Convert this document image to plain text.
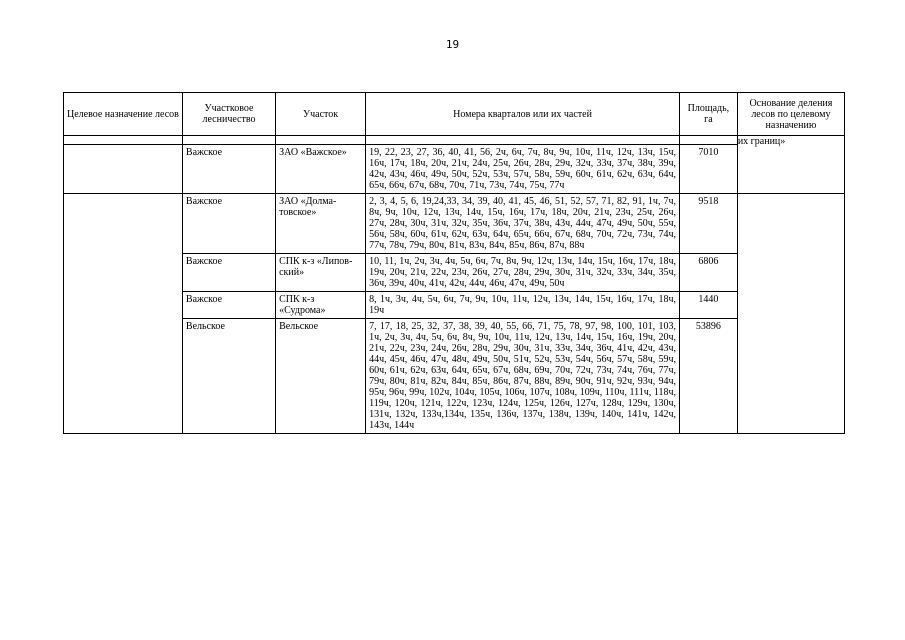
19
Целевое назначение лесов	Участковое лесничество	Участок	Номера кварталов или их частей	Площадь, га	Основание деления лесов по целевому назначению
					их границ»
	Важское	ЗАО «Важское»	19, 22, 23, 27, 36, 40, 41, 56, 2ч, 6ч, 7ч, 8ч, 9ч, 10ч, 11ч, 12ч, 13ч, 15ч, 16ч, 17ч, 18ч, 20ч, 21ч, 24ч, 25ч, 26ч, 28ч, 29ч, 32ч, 33ч, 37ч, 38ч, 39ч, 42ч, 43ч, 46ч, 49ч, 50ч, 52ч, 53ч, 57ч, 58ч, 59ч, 60ч, 61ч, 62ч, 63ч, 64ч, 65ч, 66ч, 67ч, 68ч, 70ч, 71ч, 73ч, 74ч, 75ч, 77ч	7010	
	Важское	ЗАО «Долма-товское»	2, 3, 4, 5, 6, 19,24,33, 34, 39, 40, 41, 45, 46, 51, 52, 57, 71, 82, 91, 1ч, 7ч, 8ч, 9ч, 10ч, 12ч, 13ч, 14ч, 15ч, 16ч, 17ч, 18ч, 20ч, 21ч, 23ч, 25ч, 26ч, 27ч, 28ч, 30ч, 31ч, 32ч, 35ч, 36ч, 37ч, 38ч, 43ч, 44ч, 47ч, 49ч, 50ч, 55ч, 56ч, 58ч, 60ч, 61ч, 62ч, 63ч, 64ч, 65ч, 66ч, 67ч, 68ч, 70ч, 72ч, 73ч, 74ч, 77ч, 78ч, 79ч, 80ч, 81ч, 83ч, 84ч, 85ч, 86ч, 87ч, 88ч	9518	
	Важское	СПК к-з «Липов-ский»	10, 11, 1ч, 2ч, 3ч, 4ч, 5ч, 6ч, 7ч, 8ч, 9ч, 12ч, 13ч, 14ч, 15ч, 16ч, 17ч, 18ч, 19ч, 20ч, 21ч, 22ч, 23ч, 26ч, 27ч, 28ч, 29ч, 30ч, 31ч, 32ч, 33ч, 34ч, 35ч, 36ч, 39ч, 40ч, 41ч, 42ч, 44ч, 46ч, 47ч, 49ч, 50ч	6806	
	Важское	СПК к-з «Судрома»	8, 1ч, 3ч, 4ч, 5ч, 6ч, 7ч, 9ч, 10ч, 11ч, 12ч, 13ч, 14ч, 15ч, 16ч, 17ч, 18ч, 19ч	1440	
	Вельское	Вельское	7, 17, 18, 25, 32, 37, 38, 39, 40, 55, 66, 71, 75, 78, 97, 98, 100, 101, 103, 1ч, 2ч, 3ч, 4ч, 5ч, 6ч, 8ч, 9ч, 10ч, 11ч, 12ч, 13ч, 14ч, 15ч, 16ч, 19ч, 20ч, 21ч, 22ч, 23ч, 24ч, 26ч, 28ч, 29ч, 30ч, 31ч, 33ч, 34ч, 36ч, 41ч, 42ч, 43ч, 44ч, 45ч, 46ч, 47ч, 48ч, 49ч, 50ч, 51ч, 52ч, 53ч, 54ч, 56ч, 57ч, 58ч, 59ч, 60ч, 61ч, 62ч, 63ч, 64ч, 65ч, 67ч, 68ч, 69ч, 70ч, 72ч, 73ч, 74ч, 76ч, 77ч, 79ч, 80ч, 81ч, 82ч, 84ч, 85ч, 86ч, 87ч, 88ч, 89ч, 90ч, 91ч, 92ч, 93ч, 94ч, 95ч, 96ч, 99ч, 102ч, 104ч, 105ч, 106ч, 107ч, 108ч, 109ч, 110ч, 111ч, 118ч, 119ч, 120ч, 121ч, 122ч, 123ч, 124ч, 125ч, 126ч, 127ч, 128ч, 129ч, 130ч, 131ч, 132ч, 133ч,134ч, 135ч, 136ч, 137ч, 138ч, 139ч, 140ч, 141ч, 142ч, 143ч, 144ч	53896	
